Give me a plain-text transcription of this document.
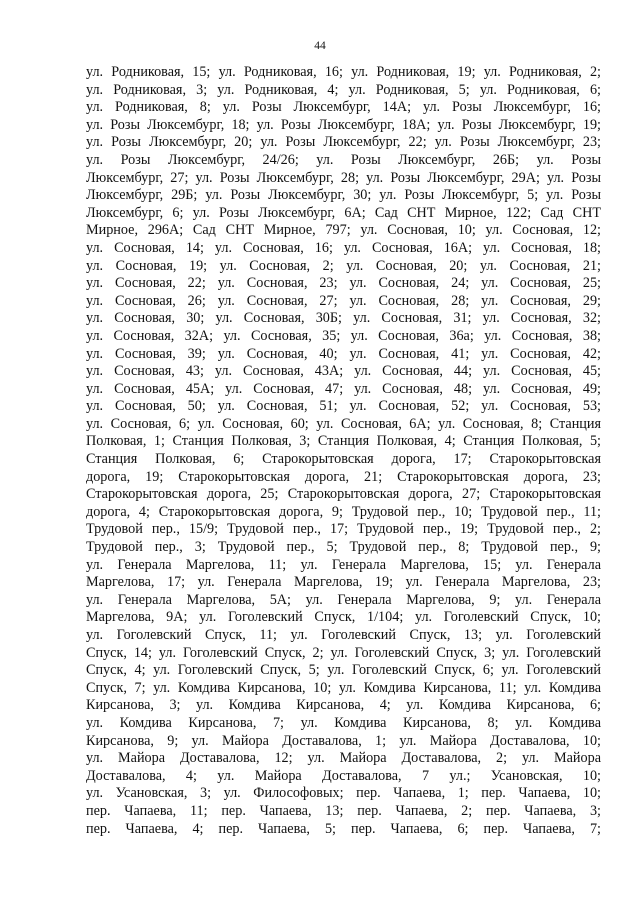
44
ул. Родниковая, 15; ул. Родниковая, 16; ул. Родниковая, 19; ул. Родниковая, 2;
ул. Родниковая, 3; ул. Родниковая, 4; ул. Родниковая, 5; ул. Родниковая, 6;
ул. Родниковая, 8; ул. Розы Люксембург, 14А; ул. Розы Люксембург, 16;
ул. Розы Люксембург, 18; ул. Розы Люксембург, 18А; ул. Розы Люксембург, 19;
ул. Розы Люксембург, 20; ул. Розы Люксембург, 22; ул. Розы Люксембург, 23;
ул. Розы Люксембург, 24/26; ул. Розы Люксембург, 26Б; ул. Розы
Люксембург, 27; ул. Розы Люксембург, 28; ул. Розы Люксембург, 29А; ул. Розы
Люксембург, 29Б; ул. Розы Люксембург, 30; ул. Розы Люксембург, 5; ул. Розы
Люксембург, 6; ул. Розы Люксембург, 6А; Сад СНТ Мирное, 122; Сад СНТ
Мирное, 296А; Сад СНТ Мирное, 797; ул. Сосновая, 10; ул. Сосновая, 12;
ул. Сосновая, 14; ул. Сосновая, 16; ул. Сосновая, 16А; ул. Сосновая, 18;
ул. Сосновая, 19; ул. Сосновая, 2; ул. Сосновая, 20; ул. Сосновая, 21;
ул. Сосновая, 22; ул. Сосновая, 23; ул. Сосновая, 24; ул. Сосновая, 25;
ул. Сосновая, 26; ул. Сосновая, 27; ул. Сосновая, 28; ул. Сосновая, 29;
ул. Сосновая, 30; ул. Сосновая, 30Б; ул. Сосновая, 31; ул. Сосновая, 32;
ул. Сосновая, 32А; ул. Сосновая, 35; ул. Сосновая, 36а; ул. Сосновая, 38;
ул. Сосновая, 39; ул. Сосновая, 40; ул. Сосновая, 41; ул. Сосновая, 42;
ул. Сосновая, 43; ул. Сосновая, 43А; ул. Сосновая, 44; ул. Сосновая, 45;
ул. Сосновая, 45А; ул. Сосновая, 47; ул. Сосновая, 48; ул. Сосновая, 49;
ул. Сосновая, 50; ул. Сосновая, 51; ул. Сосновая, 52; ул. Сосновая, 53;
ул. Сосновая, 6; ул. Сосновая, 60; ул. Сосновая, 6А; ул. Сосновая, 8; Станция
Полковая, 1; Станция Полковая, 3; Станция Полковая, 4; Станция Полковая, 5;
Станция Полковая, 6; Старокорытовская дорога, 17; Старокорытовская
дорога, 19; Старокорытовская дорога, 21; Старокорытовская дорога, 23;
Старокорытовская дорога, 25; Старокорытовская дорога, 27; Старокорытовская
дорога, 4; Старокорытовская дорога, 9; Трудовой пер., 10; Трудовой пер., 11;
Трудовой пер., 15/9; Трудовой пер., 17; Трудовой пер., 19; Трудовой пер., 2;
Трудовой пер., 3; Трудовой пер., 5; Трудовой пер., 8; Трудовой пер., 9;
ул. Генерала Маргелова, 11; ул. Генерала Маргелова, 15; ул. Генерала
Маргелова, 17; ул. Генерала Маргелова, 19; ул. Генерала Маргелова, 23;
ул. Генерала Маргелова, 5А; ул. Генерала Маргелова, 9; ул. Генерала
Маргелова, 9А; ул. Гоголевский Спуск, 1/104; ул. Гоголевский Спуск, 10;
ул. Гоголевский Спуск, 11; ул. Гоголевский Спуск, 13; ул. Гоголевский
Спуск, 14; ул. Гоголевский Спуск, 2; ул. Гоголевский Спуск, 3; ул. Гоголевский
Спуск, 4; ул. Гоголевский Спуск, 5; ул. Гоголевский Спуск, 6; ул. Гоголевский
Спуск, 7; ул. Комдива Кирсанова, 10; ул. Комдива Кирсанова, 11; ул. Комдива
Кирсанова, 3; ул. Комдива Кирсанова, 4; ул. Комдива Кирсанова, 6;
ул. Комдива Кирсанова, 7; ул. Комдива Кирсанова, 8; ул. Комдива
Кирсанова, 9; ул. Майора Доставалова, 1; ул. Майора Доставалова, 10;
ул. Майора Доставалова, 12; ул. Майора Доставалова, 2; ул. Майора
Доставалова, 4; ул. Майора Доставалова, 7 ул.; Усановская, 10;
ул. Усановская, 3; ул. Философовых; пер. Чапаева, 1; пер. Чапаева, 10;
пер. Чапаева, 11; пер. Чапаева, 13; пер. Чапаева, 2; пер. Чапаева, 3;
пер. Чапаева, 4; пер. Чапаева, 5; пер. Чапаева, 6; пер. Чапаева, 7;
